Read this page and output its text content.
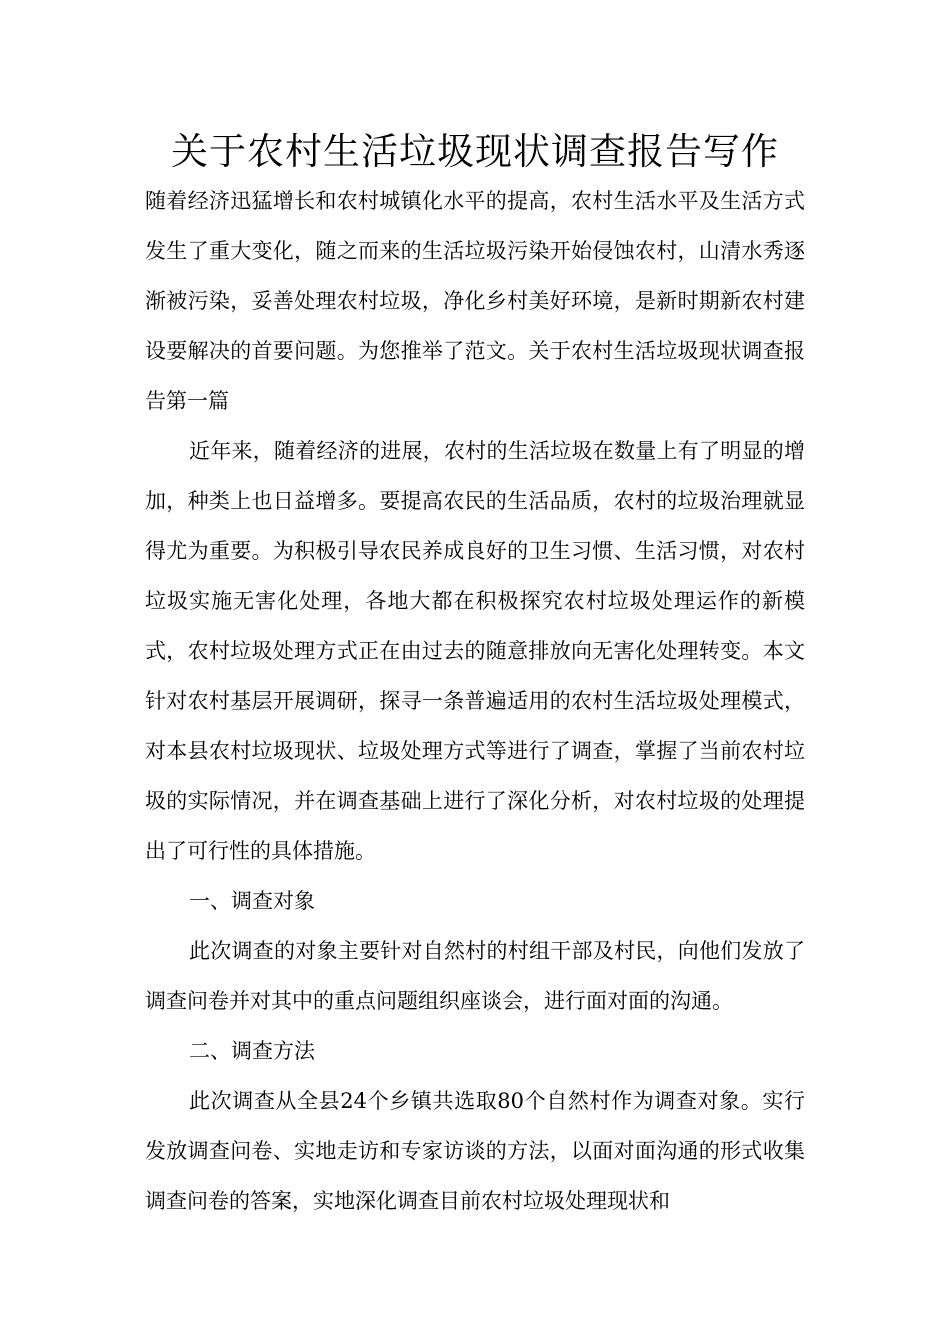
关于农村生活垃圾现状调查报告写作

随着经济迅猛增长和农村城镇化水平的提高，农村生活水平及生活方式发生了重大变化，随之而来的生活垃圾污染开始侵蚀农村，山清水秀逐渐被污染，妥善处理农村垃圾，净化乡村美好环境，是新时期新农村建设要解决的首要问题。为您推举了范文。关于农村生活垃圾现状调查报告第一篇

近年来，随着经济的进展，农村的生活垃圾在数量上有了明显的增加，种类上也日益增多。要提高农民的生活品质，农村的垃圾治理就显得尤为重要。为积极引导农民养成良好的卫生习惯、生活习惯，对农村垃圾实施无害化处理，各地大都在积极探究农村垃圾处理运作的新模式，农村垃圾处理方式正在由过去的随意排放向无害化处理转变。本文针对农村基层开展调研，探寻一条普遍适用的农村生活垃圾处理模式，对本县农村垃圾现状、垃圾处理方式等进行了调查，掌握了当前农村垃圾的实际情况，并在调查基础上进行了深化分析，对农村垃圾的处理提出了可行性的具体措施。

一、调查对象

此次调查的对象主要针对自然村的村组干部及村民，向他们发放了调查问卷并对其中的重点问题组织座谈会，进行面对面的沟通。

二、调查方法

此次调查从全县24个乡镇共选取80个自然村作为调查对象。实行发放调查问卷、实地走访和专家访谈的方法，以面对面沟通的形式收集调查问卷的答案，实地深化调查目前农村垃圾处理现状和
